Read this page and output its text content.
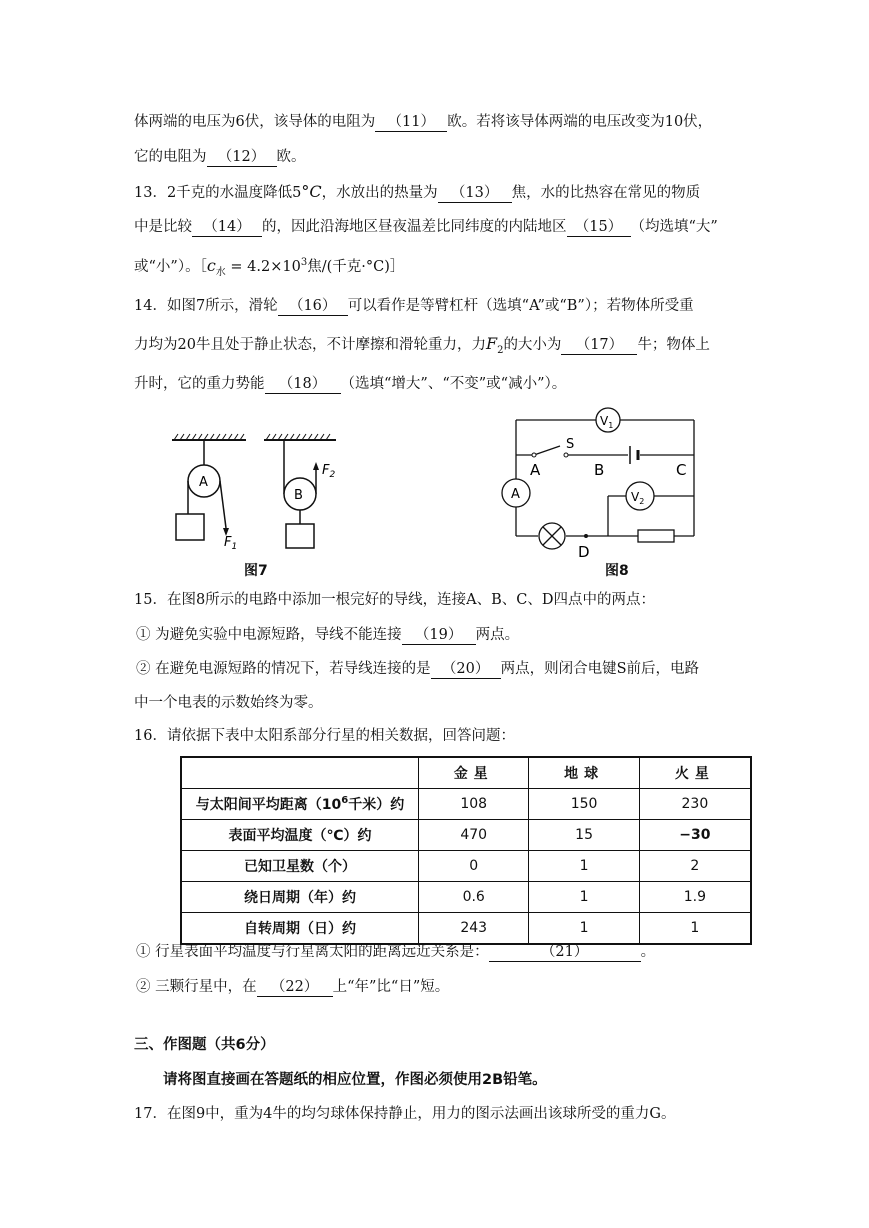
体两端的电压为6伏，该导体的电阻为 （11） 欧。若将该导体两端的电压改变为10伏，
它的电阻为 （12） 欧。
13．2千克的水温度降低5°C，水放出的热量为 （13） 焦，水的比热容在常见的物质
中是比较 （14） 的，因此沿海地区昼夜温差比同纬度的内陆地区 （15） （均选填“大”
或“小”）。$[c_水 = 4.2\times 10^3$焦/(千克·°C)］
14．如图7所示，滑轮 （16） 可以看作是等臂杠杆（选填“A”或“B”）；若物体所受重
力均为20牛且处于静止状态，不计摩擦和滑轮重力，力$F_2$的大小为 （17） 牛；物体上
升时，它的重力势能 （18） （选填“增大”、“不变”或“减小”）。
A
$F_1$
B
$F_2$
图7
$V_1$
S
A	B	C
D
A	$V_2$
图8
15．在图8所示的电路中添加一根完好的导线，连接A、B、C、D四点中的两点：
① 为避免实验中电源短路，导线不能连接 （19） 两点。
② 在避免电源短路的情况下，若导线连接的是 （20） 两点，则闭合电键S前后，电路
中一个电表的示数始终为零。
16．请依据下表中太阳系部分行星的相关数据，回答问题：
	金星	地球	火星
与太阳间平均距离（$10^6$千米）约	108	150	230
表面平均温度（℃）约	470	15	−30
已知卫星数（个）	0	1	2
绕日周期（年）约	0.6	1	1.9
自转周期（日）约	243	1	1
① 行星表面平均温度与行星离太阳的距离远近关系是：	（21）	。
② 三颗行星中，在 （22） 上“年”比“日”短。
三、作图题（共6分）
请将图直接画在答题纸的相应位置，作图必须使用2B铅笔。
17．在图9中，重为4牛的均匀球体保持静止，用力的图示法画出该球所受的重力G。
